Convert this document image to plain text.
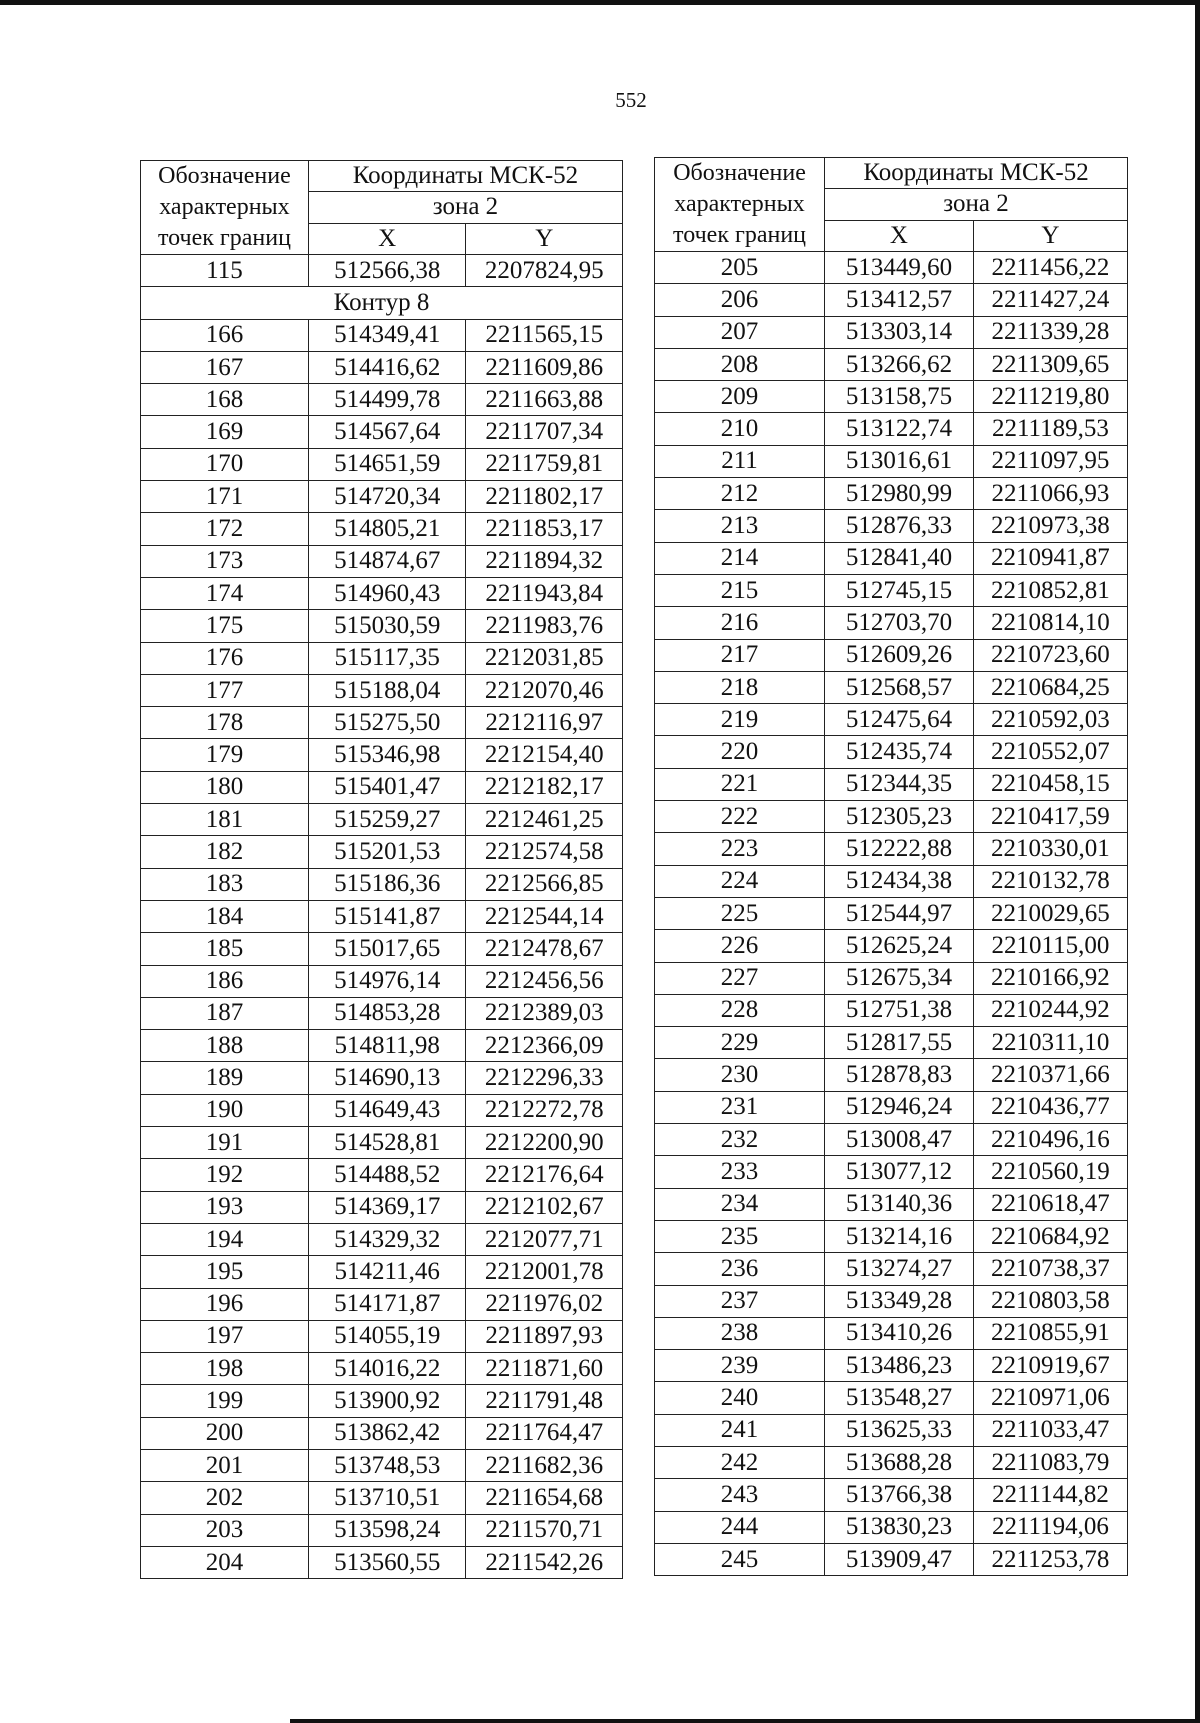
552
Обозначение
характерных
точек границ	Координаты МСК-52	
	зона 2	
	X	Y
115	512566,38	2207824,95
Контур 8		
166	514349,41	2211565,15
167	514416,62	2211609,86
168	514499,78	2211663,88
169	514567,64	2211707,34
170	514651,59	2211759,81
171	514720,34	2211802,17
172	514805,21	2211853,17
173	514874,67	2211894,32
174	514960,43	2211943,84
175	515030,59	2211983,76
176	515117,35	2212031,85
177	515188,04	2212070,46
178	515275,50	2212116,97
179	515346,98	2212154,40
180	515401,47	2212182,17
181	515259,27	2212461,25
182	515201,53	2212574,58
183	515186,36	2212566,85
184	515141,87	2212544,14
185	515017,65	2212478,67
186	514976,14	2212456,56
187	514853,28	2212389,03
188	514811,98	2212366,09
189	514690,13	2212296,33
190	514649,43	2212272,78
191	514528,81	2212200,90
192	514488,52	2212176,64
193	514369,17	2212102,67
194	514329,32	2212077,71
195	514211,46	2212001,78
196	514171,87	2211976,02
197	514055,19	2211897,93
198	514016,22	2211871,60
199	513900,92	2211791,48
200	513862,42	2211764,47
201	513748,53	2211682,36
202	513710,51	2211654,68
203	513598,24	2211570,71
204	513560,55	2211542,26
Обозначение
характерных
точек границ	Координаты МСК-52	
	зона 2	
	X	Y
205	513449,60	2211456,22
206	513412,57	2211427,24
207	513303,14	2211339,28
208	513266,62	2211309,65
209	513158,75	2211219,80
210	513122,74	2211189,53
211	513016,61	2211097,95
212	512980,99	2211066,93
213	512876,33	2210973,38
214	512841,40	2210941,87
215	512745,15	2210852,81
216	512703,70	2210814,10
217	512609,26	2210723,60
218	512568,57	2210684,25
219	512475,64	2210592,03
220	512435,74	2210552,07
221	512344,35	2210458,15
222	512305,23	2210417,59
223	512222,88	2210330,01
224	512434,38	2210132,78
225	512544,97	2210029,65
226	512625,24	2210115,00
227	512675,34	2210166,92
228	512751,38	2210244,92
229	512817,55	2210311,10
230	512878,83	2210371,66
231	512946,24	2210436,77
232	513008,47	2210496,16
233	513077,12	2210560,19
234	513140,36	2210618,47
235	513214,16	2210684,92
236	513274,27	2210738,37
237	513349,28	2210803,58
238	513410,26	2210855,91
239	513486,23	2210919,67
240	513548,27	2210971,06
241	513625,33	2211033,47
242	513688,28	2211083,79
243	513766,38	2211144,82
244	513830,23	2211194,06
245	513909,47	2211253,78
